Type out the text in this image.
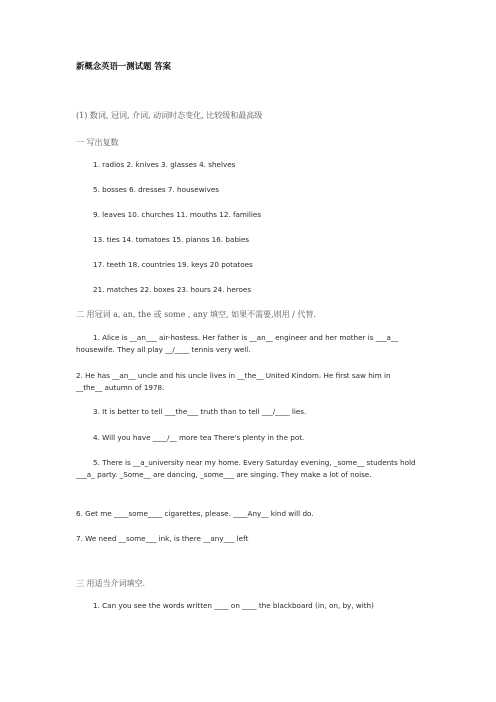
新概念英语一测试题 答案
(1) 数词, 冠词, 介词, 动词时态变化, 比较级和最高级
一 写出复数
1. radios 2. knives 3. glasses 4. shelves
5. bosses 6. dresses 7. housewives
9. leaves 10. churches 11. mouths 12. families
13. ties 14. tomatoes 15. pianos 16. babies
17. teeth 18. countries 19. keys 20 potatoes
21. matches 22. boxes 23. hours 24. heroes
二 用冠词 a, an, the 或 some , any 填空, 如果不需要,则用 / 代替.
1. Alice is __an___ air-hostess. Her father is __an__ engineer and her mother is ___a__ housewife. They all play __/____ tennis very well.
2. He has __an__ uncle and his uncle lives in __the__ United Kindom. He first saw him in __the__ autumn of 1978.
3. It is better to tell ___the___ truth than to tell ___/____ lies.
4. Will you have ____/__ more tea There's plenty in the pot.
5. There is __a_university near my home. Every Saturday evening, _some__ students hold ___a_ party. _Some__ are dancing, _some___ are singing. They make a lot of noise.
6. Get me ____some____ cigarettes, please. ____Any__ kind will do.
7. We need __some___ ink, is there __any___ left
三 用适当介词填空.
1. Can you see the words written ____ on ____ the blackboard (in, on, by, with)
